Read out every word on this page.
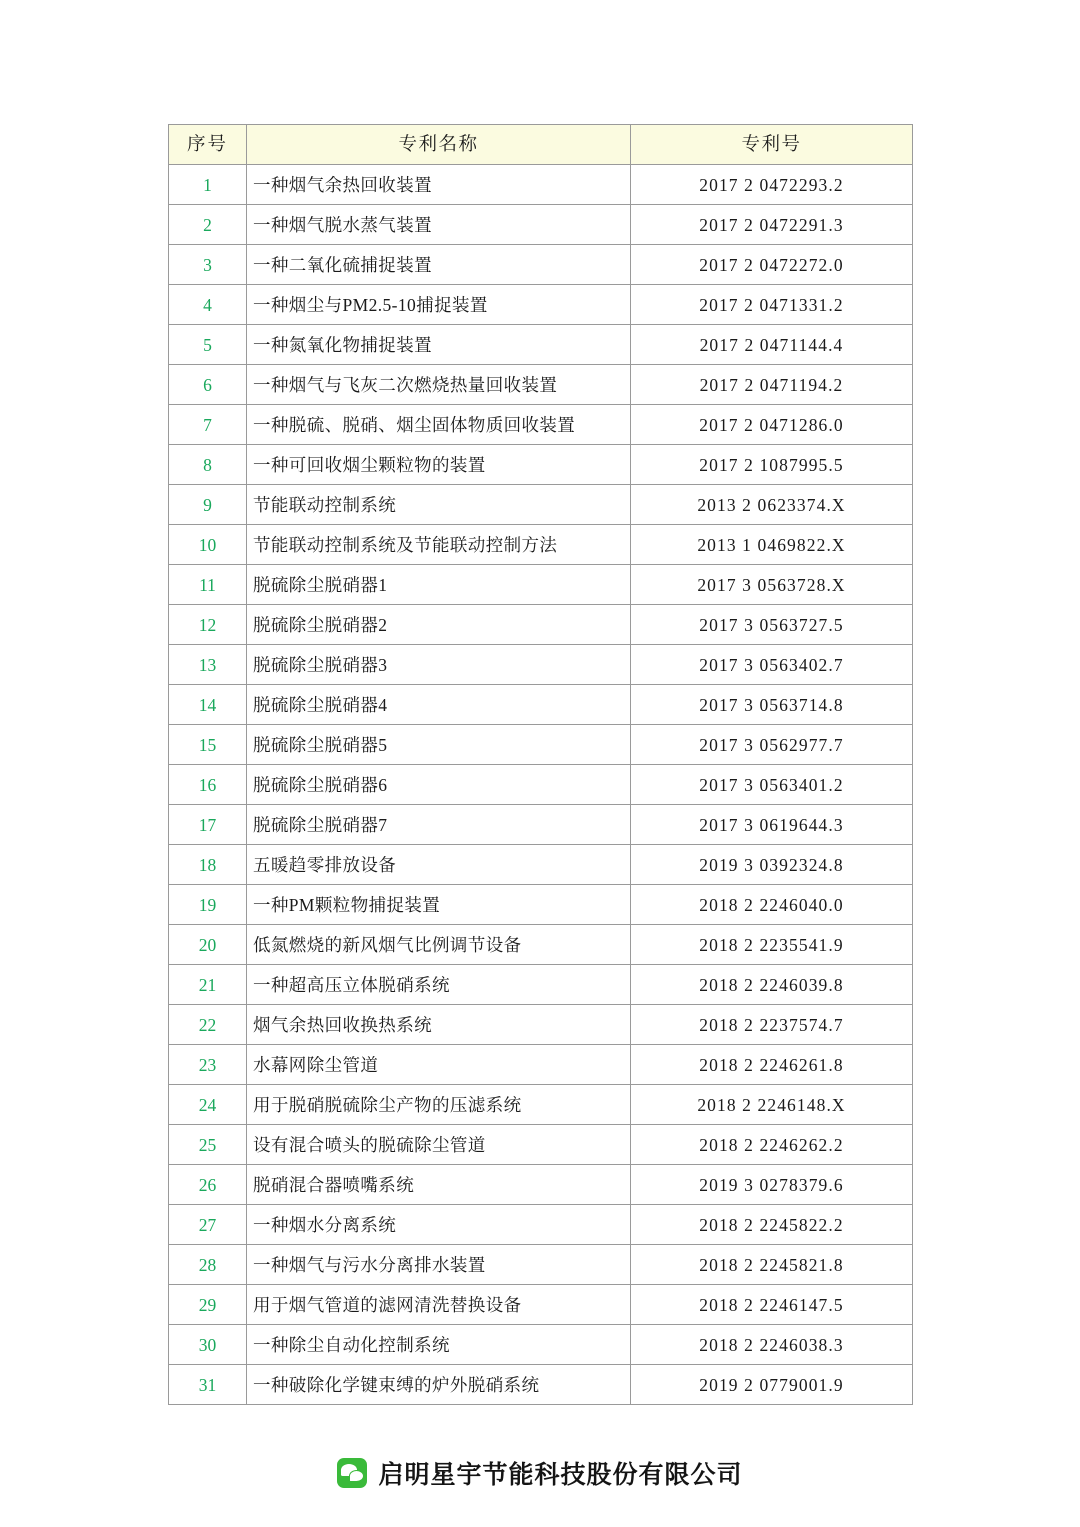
序号	专利名称	专利号
1	一种烟气余热回收装置	2017 2 0472293.2
2	一种烟气脱水蒸气装置	2017 2 0472291.3
3	一种二氧化硫捕捉装置	2017 2 0472272.0
4	一种烟尘与PM2.5-10捕捉装置	2017 2 0471331.2
5	一种氮氧化物捕捉装置	2017 2 0471144.4
6	一种烟气与飞灰二次燃烧热量回收装置	2017 2 0471194.2
7	一种脱硫、脱硝、烟尘固体物质回收装置	2017 2 0471286.0
8	一种可回收烟尘颗粒物的装置	2017 2 1087995.5
9	节能联动控制系统	2013 2 0623374.X
10	节能联动控制系统及节能联动控制方法	2013 1 0469822.X
11	脱硫除尘脱硝器1	2017 3 0563728.X
12	脱硫除尘脱硝器2	2017 3 0563727.5
13	脱硫除尘脱硝器3	2017 3 0563402.7
14	脱硫除尘脱硝器4	2017 3 0563714.8
15	脱硫除尘脱硝器5	2017 3 0562977.7
16	脱硫除尘脱硝器6	2017 3 0563401.2
17	脱硫除尘脱硝器7	2017 3 0619644.3
18	五暖趋零排放设备	2019 3 0392324.8
19	一种PM颗粒物捕捉装置	2018 2 2246040.0
20	低氮燃烧的新风烟气比例调节设备	2018 2 2235541.9
21	一种超高压立体脱硝系统	2018 2 2246039.8
22	烟气余热回收换热系统	2018 2 2237574.7
23	水幕网除尘管道	2018 2 2246261.8
24	用于脱硝脱硫除尘产物的压滤系统	2018 2 2246148.X
25	设有混合喷头的脱硫除尘管道	2018 2 2246262.2
26	脱硝混合器喷嘴系统	2019 3 0278379.6
27	一种烟水分离系统	2018 2 2245822.2
28	一种烟气与污水分离排水装置	2018 2 2245821.8
29	用于烟气管道的滤网清洗替换设备	2018 2 2246147.5
30	一种除尘自动化控制系统	2018 2 2246038.3
31	一种破除化学键束缚的炉外脱硝系统	2019 2 0779001.9
启明星宇节能科技股份有限公司
